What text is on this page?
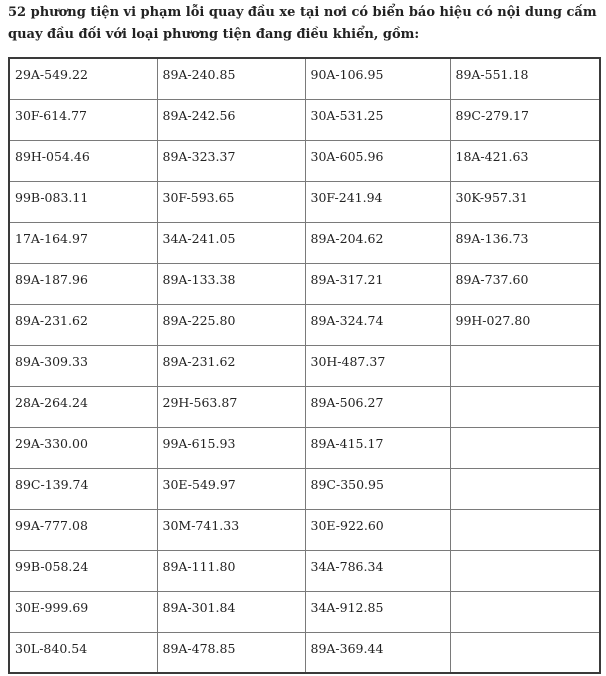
52 phương tiện vi phạm lỗi quay đầu xe tại nơi có biển báo hiệu có nội dung cấm quay đầu đối với loại phương tiện đang điều khiển, gồm:

29A-549.22	89A-240.85	90A-106.95	89A-551.18

30F-614.77	89A-242.56	30A-531.25	89C-279.17

89H-054.46	89A-323.37	30A-605.96	18A-421.63

99B-083.11	30F-593.65	30F-241.94	30K-957.31

17A-164.97	34A-241.05	89A-204.62	89A-136.73

89A-187.96	89A-133.38	89A-317.21	89A-737.60

89A-231.62	89A-225.80	89A-324.74	99H-027.80

89A-309.33	89A-231.62	30H-487.37	

28A-264.24	29H-563.87	89A-506.27	

29A-330.00	99A-615.93	89A-415.17	

89C-139.74	30E-549.97	89C-350.95	

99A-777.08	30M-741.33	30E-922.60	

99B-058.24	89A-111.80	34A-786.34	

30E-999.69	89A-301.84	34A-912.85	

30L-840.54	89A-478.85	89A-369.44	
